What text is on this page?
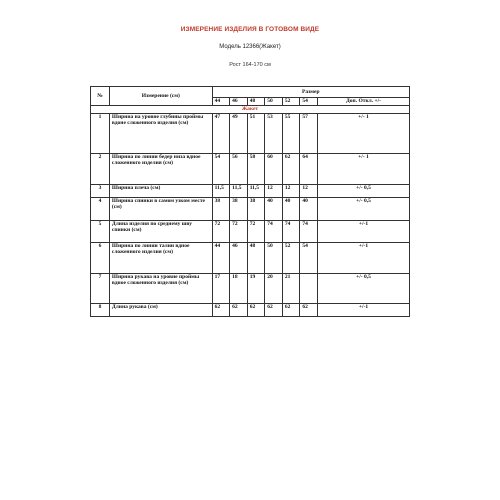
ИЗМЕРЕНИЕ ИЗДЕЛИЯ В ГОТОВОМ ВИДЕ
Модель 12366(Жакет)
Рост 164-170 см
№	Измерение (см)	Размер						
		44	46	48	50	52	54	Доп. Откл. +/-
Жакет								
1	Ширина на уровне глубины проймы вдоне сложенного изделия (см)	47	49	51	53	55	57	+/- 1
2	Ширина по линии бедер низа вдное сложенного изделия (см)	54	56	58	60	62	64	+/- 1
3	Ширина плеча (см)	11,5	11,5	11,5	12	12	12	+/- 0,5
4	Ширина спинки в самом узком месте (см)	38	38	38	40	40	40	+/- 0,5
5	Длина изделия по среднему шву спинки (см)	72	72	72	74	74	74	+/-1
6	Ширина по линии талии вдное сложенного изделия (см)	44	46	48	50	52	54	+/-1
7	Ширина рукава на уровне проймы вдное сложенного изделия (см)	17	18	19	20	21		+/- 0,5
8	Длина рукава (см)	62	62	62	62	62	62	+/-1
